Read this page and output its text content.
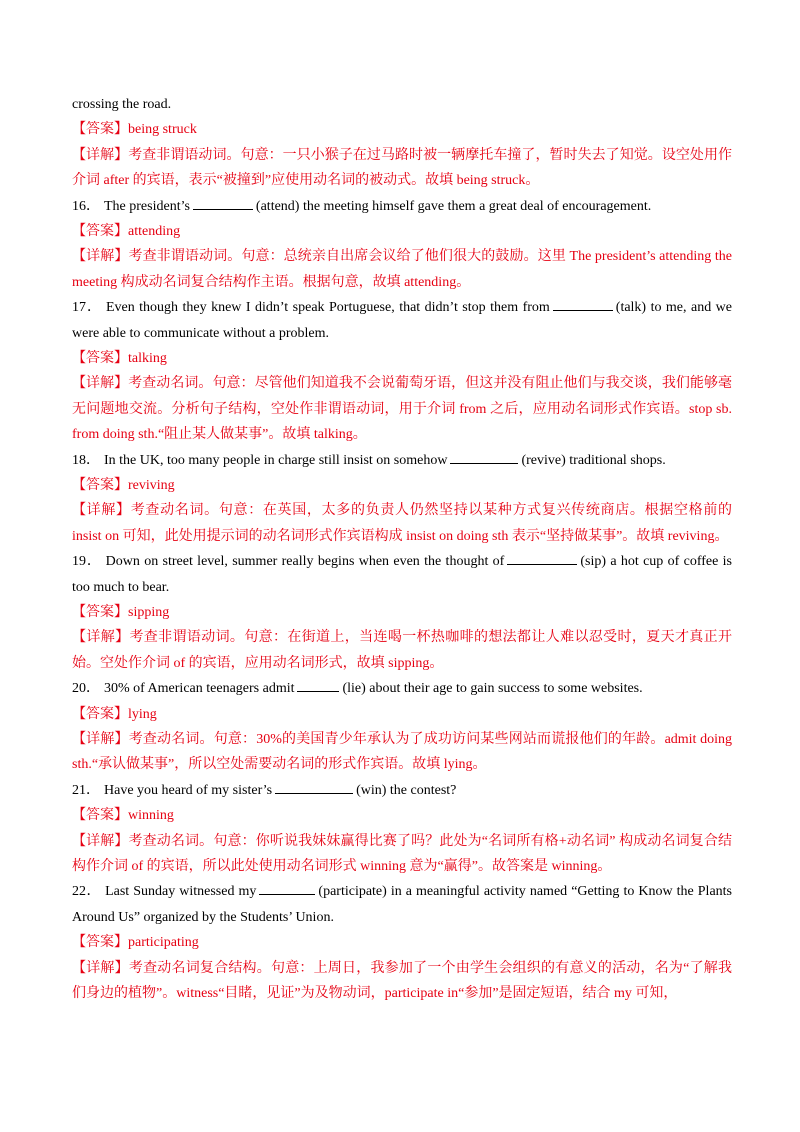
crossing the road.
【答案】being struck
【详解】考查非谓语动词。句意：一只小猴子在过马路时被一辆摩托车撞了，暂时失去了知觉。设空处用作介词 after 的宾语，表示“被撞到”应使用动名词的被动式。故填 being struck。
16． The president’s	(attend) the meeting himself gave them a great deal of encouragement.
【答案】attending
【详解】考查非谓语动词。句意：总统亲自出席会议给了他们很大的鼓励。这里 The president’s attending the meeting 构成动名词复合结构作主语。根据句意，故填 attending。
17． Even though they knew I didn’t speak Portuguese, that didn’t stop them from	(talk) to me, and we were able to communicate without a problem.
【答案】talking
【详解】考查动名词。句意：尽管他们知道我不会说葡萄牙语，但这并没有阻止他们与我交谈，我们能够毫无问题地交流。分析句子结构，空处作非谓语动词，用于介词 from 之后，应用动名词形式作宾语。stop sb. from doing sth.“阻止某人做某事”。故填 talking。
18． In the UK, too many people in charge still insist on somehow	(revive) traditional shops.
【答案】reviving
【详解】考查动名词。句意：在英国，太多的负责人仍然坚持以某种方式复兴传统商店。根据空格前的 insist on 可知，此处用提示词的动名词形式作宾语构成 insist on doing sth 表示“坚持做某事”。故填 reviving。
19． Down on street level, summer really begins when even the thought of	(sip) a hot cup of coffee is too much to bear.
【答案】sipping
【详解】考查非谓语动词。句意：在街道上，当连喝一杯热咖啡的想法都让人难以忍受时，夏天才真正开始。空处作介词 of 的宾语，应用动名词形式，故填 sipping。
20． 30% of American teenagers admit	(lie) about their age to gain success to some websites.
【答案】lying
【详解】考查动名词。句意：30%的美国青少年承认为了成功访问某些网站而谎报他们的年龄。admit doing sth.“承认做某事”，所以空处需要动名词的形式作宾语。故填 lying。
21． Have you heard of my sister’s	(win) the contest?
【答案】winning
【详解】考查动名词。句意：你听说我妹妹赢得比赛了吗？此处为“名词所有格+动名词” 构成动名词复合结构作介词 of 的宾语，所以此处使用动名词形式 winning 意为“赢得”。故答案是 winning。
22． Last Sunday witnessed my	(participate) in a meaningful activity named “Getting to Know the Plants Around Us” organized by the Students’ Union.
【答案】participating
【详解】考查动名词复合结构。句意：上周日，我参加了一个由学生会组织的有意义的活动，名为“了解我们身边的植物”。witness“目睹，见证”为及物动词，participate in“参加”是固定短语，结合 my 可知，
